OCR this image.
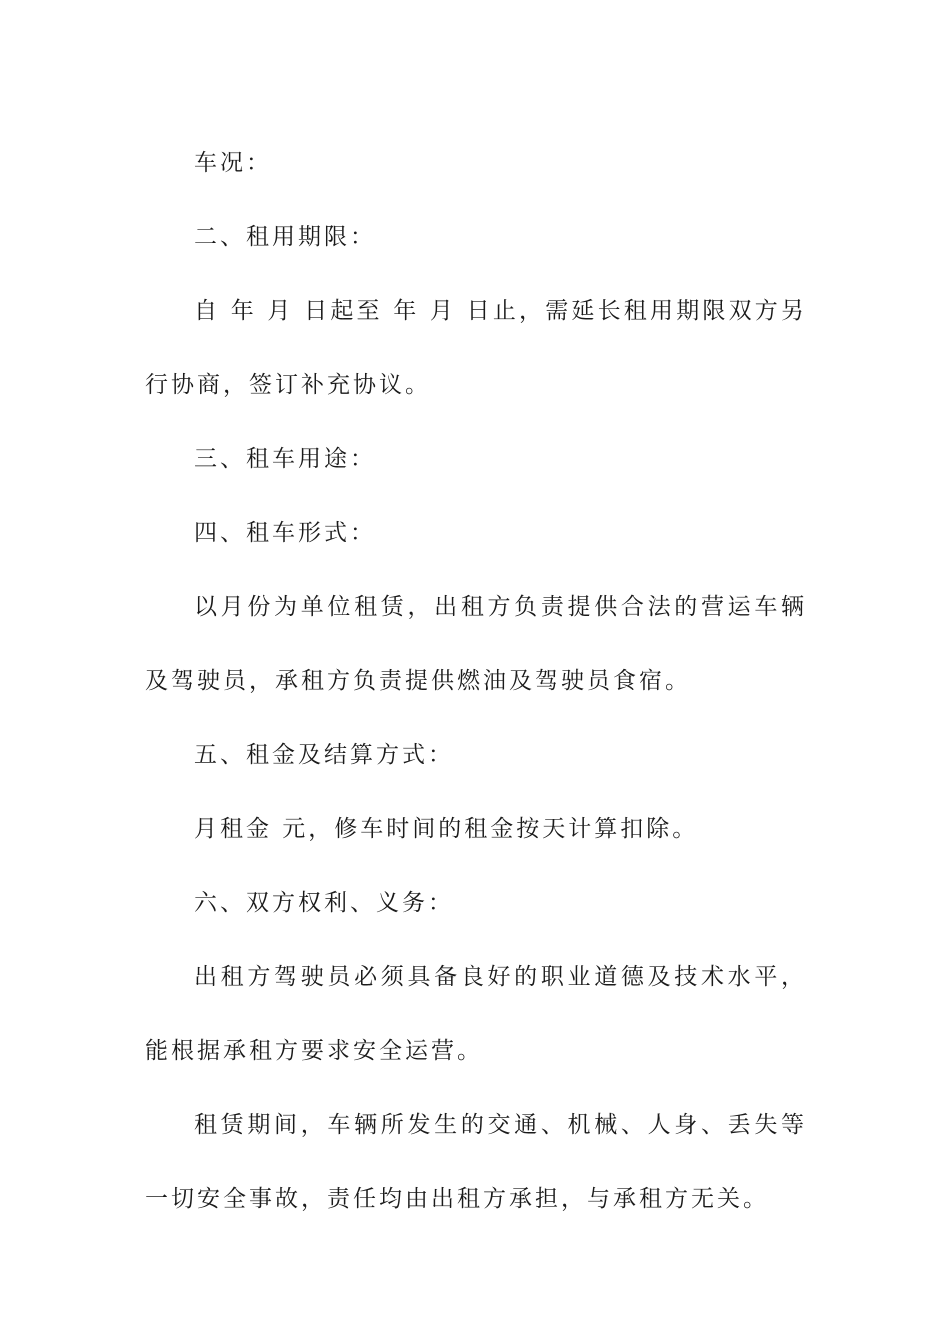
车况：

二、租用期限：

自 年 月 日起至 年 月 日止，需延长租用期限双方另行协商，签订补充协议。

三、租车用途：

四、租车形式：

以月份为单位租赁，出租方负责提供合法的营运车辆及驾驶员，承租方负责提供燃油及驾驶员食宿。

五、租金及结算方式：

月租金 元，修车时间的租金按天计算扣除。

六、双方权利、义务：

出租方驾驶员必须具备良好的职业道德及技术水平，能根据承租方要求安全运营。

租赁期间，车辆所发生的交通、机械、人身、丢失等一切安全事故，责任均由出租方承担，与承租方无关。
